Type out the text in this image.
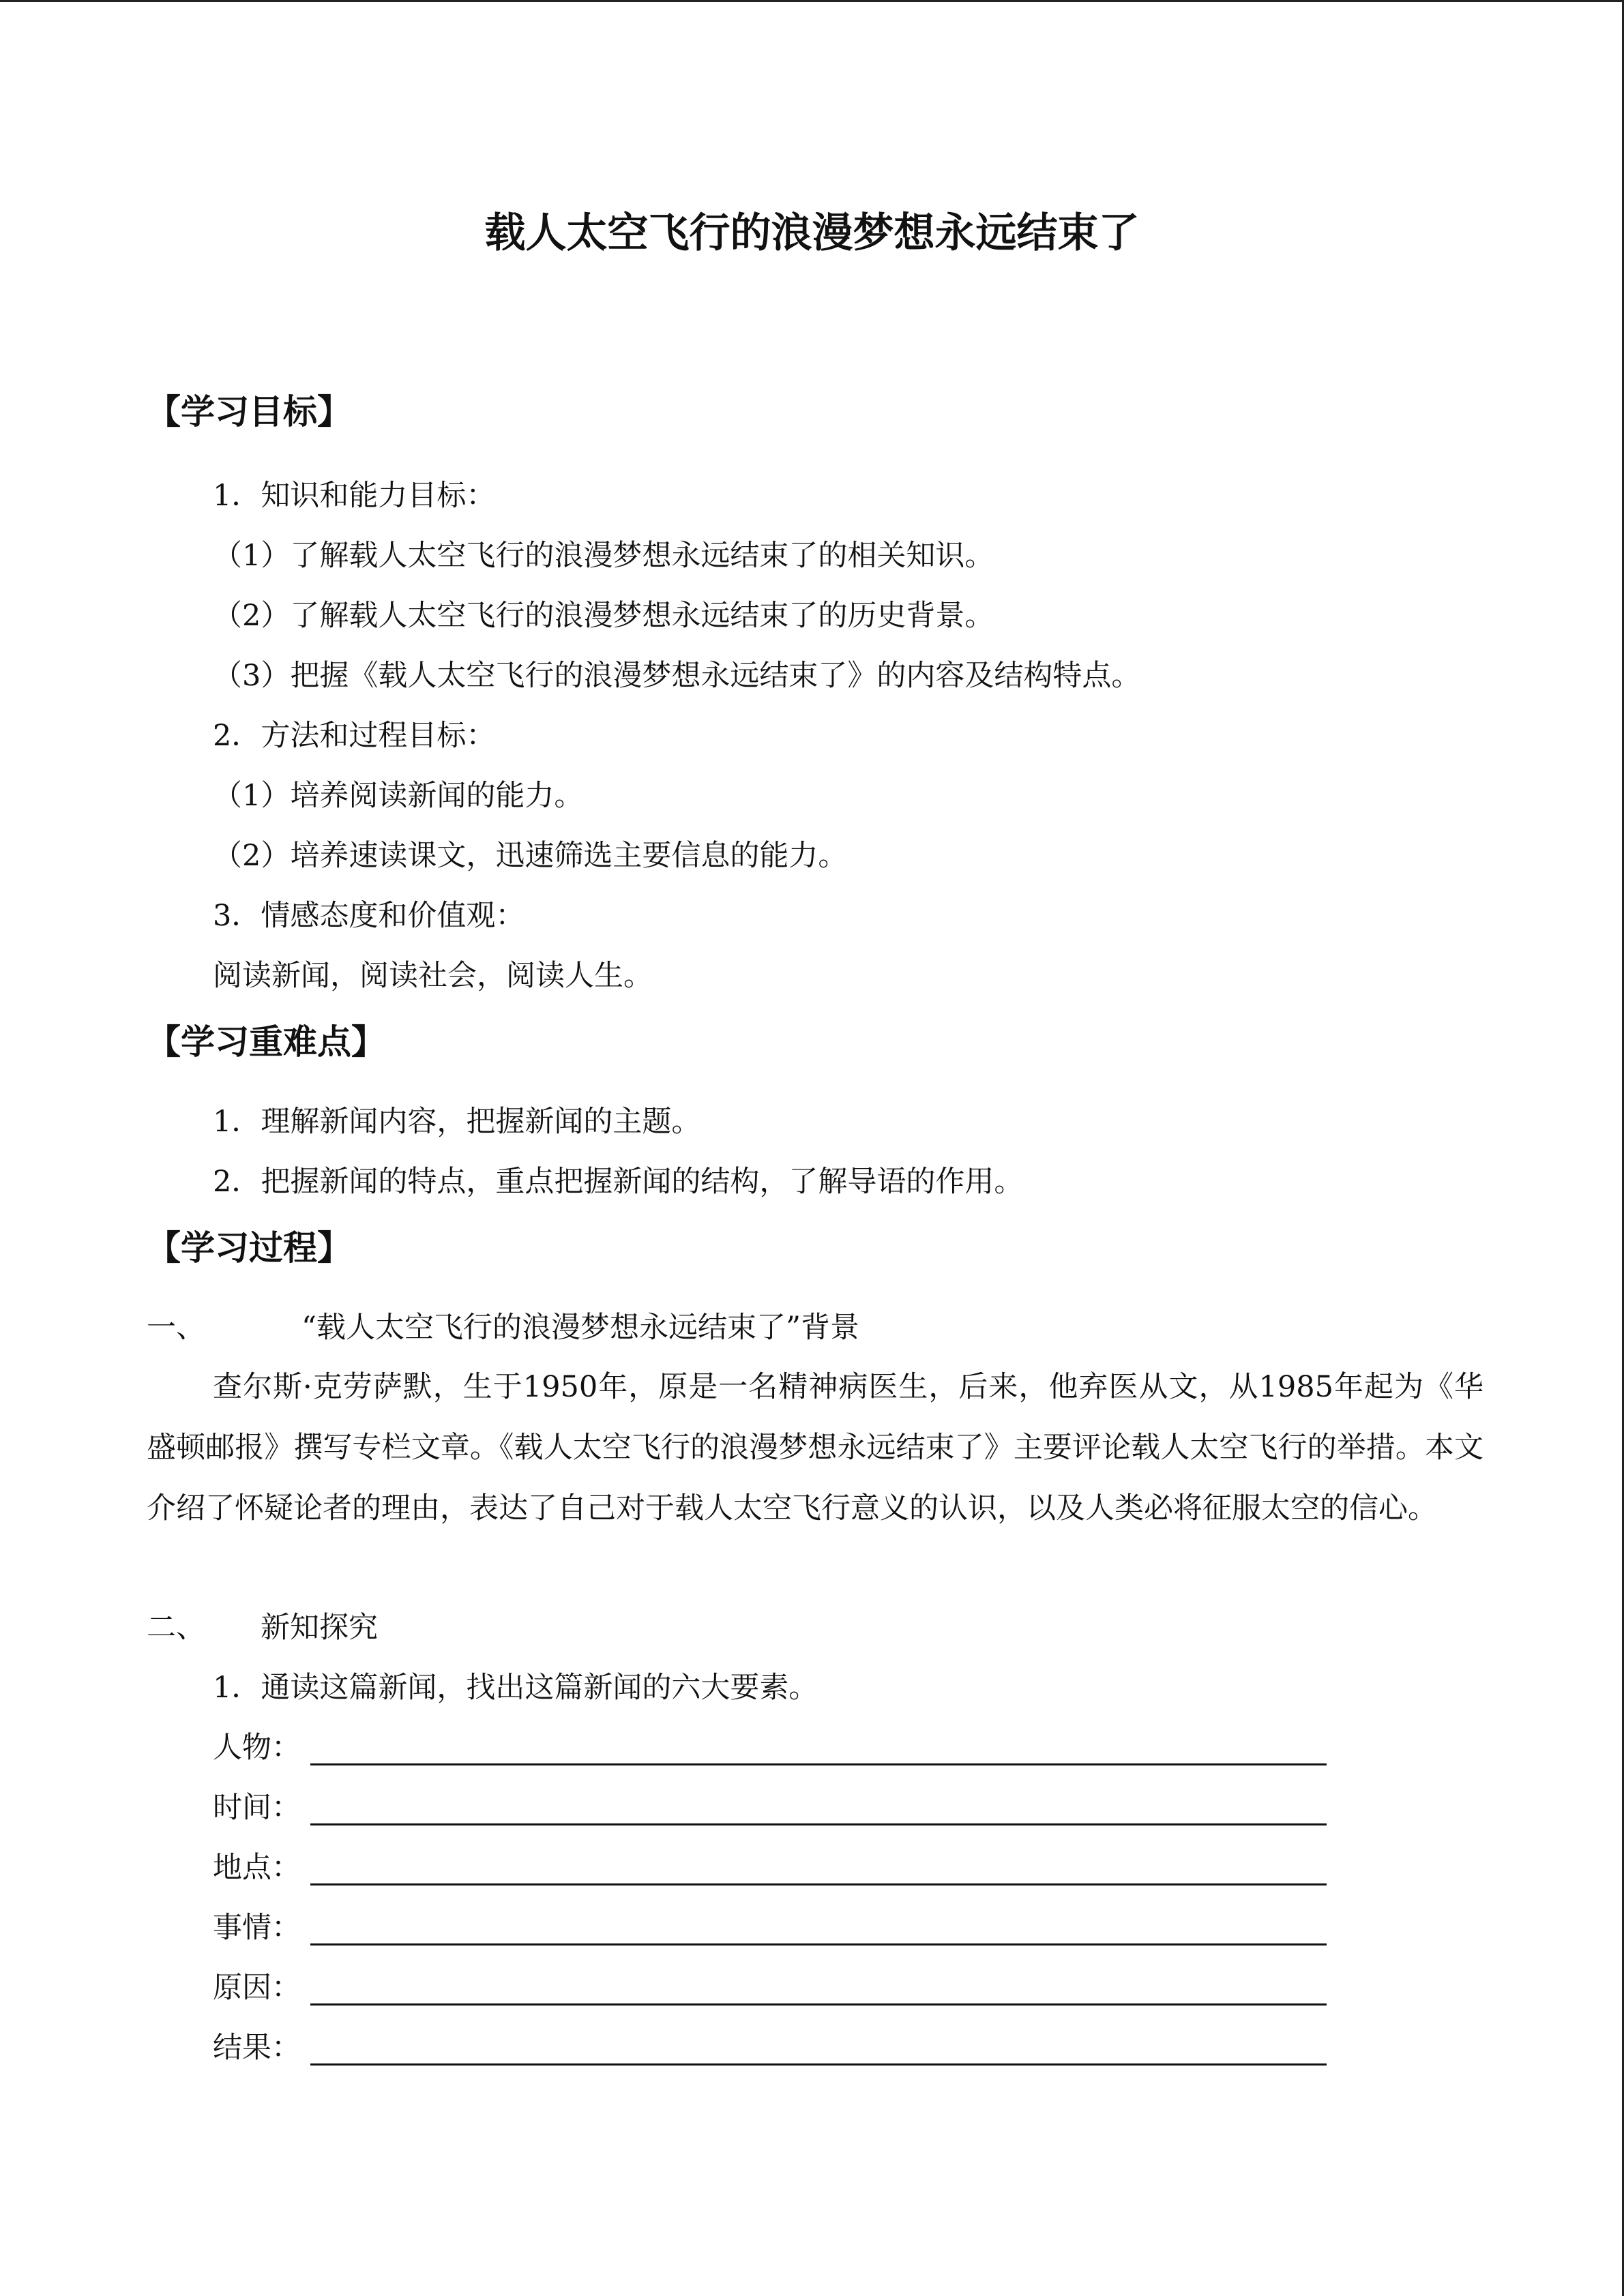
载人太空飞行的浪漫梦想永远结束了
【学习目标】
1．知识和能力目标：
（1）了解载人太空飞行的浪漫梦想永远结束了的相关知识。
（2）了解载人太空飞行的浪漫梦想永远结束了的历史背景。
（3）把握《载人太空飞行的浪漫梦想永远结束了》的内容及结构特点。
2．方法和过程目标：
（1）培养阅读新闻的能力。
（2）培养速读课文，迅速筛选主要信息的能力。
3．情感态度和价值观：
阅读新闻，阅读社会，阅读人生。
【学习重难点】
1．理解新闻内容，把握新闻的主题。
2．把握新闻的特点，重点把握新闻的结构，了解导语的作用。
【学习过程】
一、	“载人太空飞行的浪漫梦想永远结束了”背景
查尔斯·克劳萨默，生于1950年，原是一名精神病医生，后来，他弃医从文，从1985年起为《华盛顿邮报》撰写专栏文章。《载人太空飞行的浪漫梦想永远结束了》主要评论载人太空飞行的举措。本文介绍了怀疑论者的理由，表达了自己对于载人太空飞行意义的认识，以及人类必将征服太空的信心。
二、 新知探究
1．通读这篇新闻，找出这篇新闻的六大要素。
人物：
时间：
地点：
事情：
原因：
结果：
